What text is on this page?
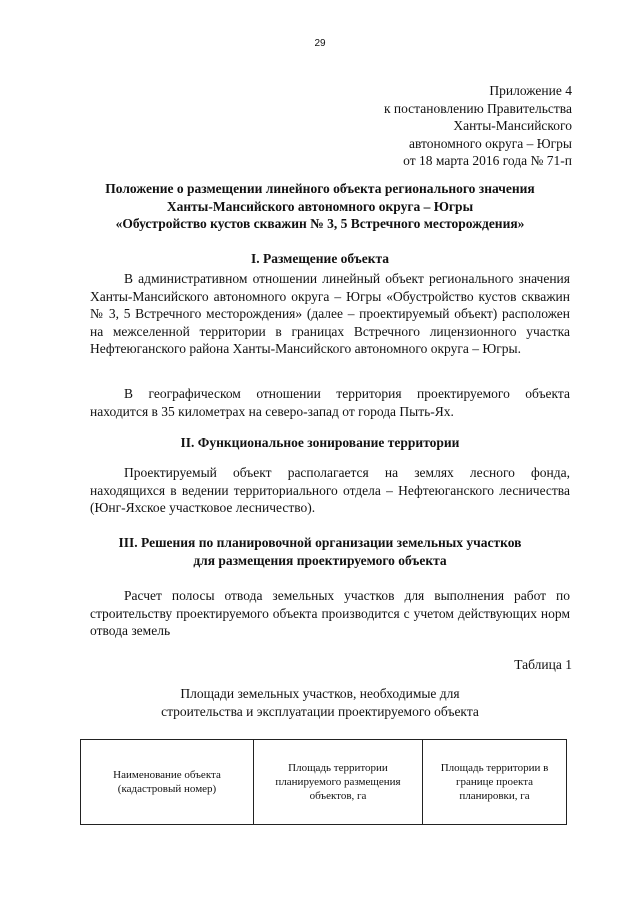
29
Приложение 4
к постановлению Правительства
Ханты-Мансийского
автономного округа – Югры
от 18 марта 2016 года № 71-п
Положение о размещении линейного объекта регионального значения
Ханты-Мансийского автономного округа – Югры
«Обустройство кустов скважин № 3, 5 Встречного месторождения»
I. Размещение объекта
В административном отношении линейный объект регионального значения Ханты-Мансийского автономного округа – Югры «Обустройство кустов скважин № 3, 5 Встречного месторождения» (далее – проектируемый объект) расположен на межселенной территории в границах Встречного лицензионного участка Нефтеюганского района Ханты-Мансийского автономного округа – Югры.
В географическом отношении территория проектируемого объекта находится в 35 километрах на северо-запад от города Пыть-Ях.
II. Функциональное зонирование территории
Проектируемый объект располагается на землях лесного фонда, находящихся в ведении территориального отдела – Нефтеюганского лесничества (Юнг-Яхское участковое лесничество).
III. Решения по планировочной организации земельных участков
для размещения проектируемого объекта
Расчет полосы отвода земельных участков для выполнения работ по строительству проектируемого объекта производится с учетом действующих норм отвода земель
Таблица 1
Площади земельных участков, необходимые для
строительства и эксплуатации проектируемого объекта
Наименование объекта
(кадастровый номер)

Площадь территории
планируемого размещения
объектов, га

Площадь территории в
границе проекта
планировки, га
